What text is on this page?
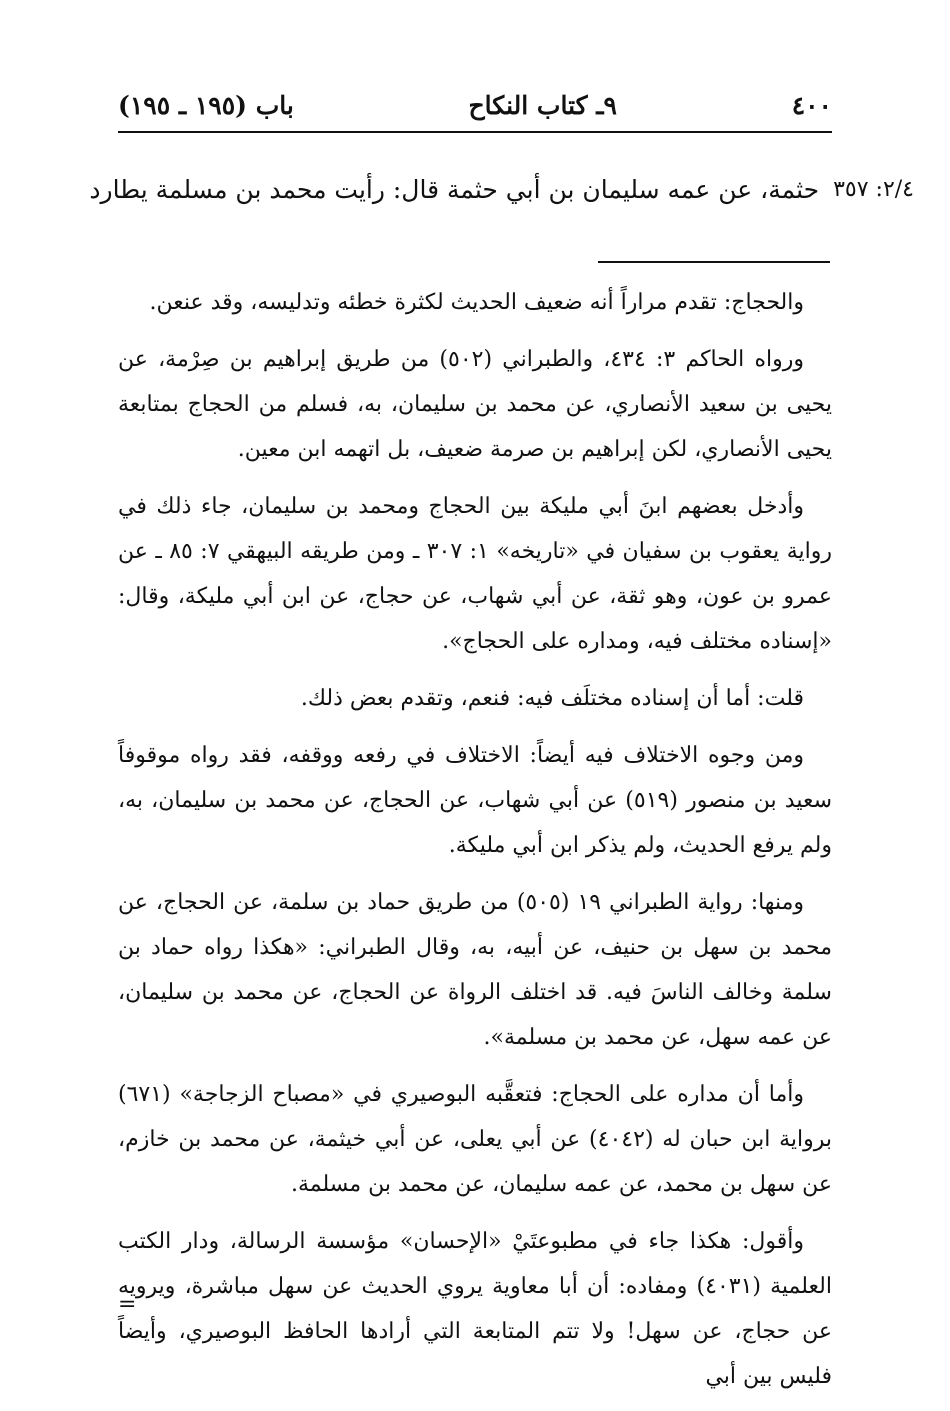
٤٠٠
٩ـ كتاب النكاح
باب (١٩٥ ـ ١٩٥)
٢/٤: ٣٥٧
حثمة، عن عمه سليمان بن أبي حثمة قال: رأيت محمد بن مسلمة يطارد

والحجاج: تقدم مراراً أنه ضعيف الحديث لكثرة خطئه وتدليسه، وقد عنعن.

ورواه الحاكم ٣: ٤٣٤، والطبراني (٥٠٢) من طريق إبراهيم بن صِرْمة، عن يحيى بن سعيد الأنصاري، عن محمد بن سليمان، به، فسلم من الحجاج بمتابعة يحيى الأنصاري، لكن إبراهيم بن صرمة ضعيف، بل اتهمه ابن معين.

وأدخل بعضهم ابنَ أبي مليكة بين الحجاج ومحمد بن سليمان، جاء ذلك في رواية يعقوب بن سفيان في «تاريخه» ١: ٣٠٧ ـ ومن طريقه البيهقي ٧: ٨٥ ـ عن عمرو بن عون، وهو ثقة، عن أبي شهاب، عن حجاج، عن ابن أبي مليكة، وقال: «إسناده مختلف فيه، ومداره على الحجاج».

قلت: أما أن إسناده مختلَف فيه: فنعم، وتقدم بعض ذلك.

ومن وجوه الاختلاف فيه أيضاً: الاختلاف في رفعه ووقفه، فقد رواه موقوفاً سعيد بن منصور (٥١٩) عن أبي شهاب، عن الحجاج، عن محمد بن سليمان، به، ولم يرفع الحديث، ولم يذكر ابن أبي مليكة.

ومنها: رواية الطبراني ١٩ (٥٠٥) من طريق حماد بن سلمة، عن الحجاج، عن محمد بن سهل بن حنيف، عن أبيه، به، وقال الطبراني: «هكذا رواه حماد بن سلمة وخالف الناسَ فيه. قد اختلف الرواة عن الحجاج، عن محمد بن سليمان، عن عمه سهل، عن محمد بن مسلمة».

وأما أن مداره على الحجاج: فتعقَّبه البوصيري في «مصباح الزجاجة» (٦٧١) برواية ابن حبان له (٤٠٤٢) عن أبي يعلى، عن أبي خيثمة، عن محمد بن خازم، عن سهل بن محمد، عن عمه سليمان، عن محمد بن مسلمة.

وأقول: هكذا جاء في مطبوعتَيْ «الإحسان» مؤسسة الرسالة، ودار الكتب العلمية (٤٠٣١) ومفاده: أن أبا معاوية يروي الحديث عن سهل مباشرة، ويرويه عن حجاج، عن سهل! ولا تتم المتابعة التي أرادها الحافظ البوصيري، وأيضاً فليس بين أبي

=
